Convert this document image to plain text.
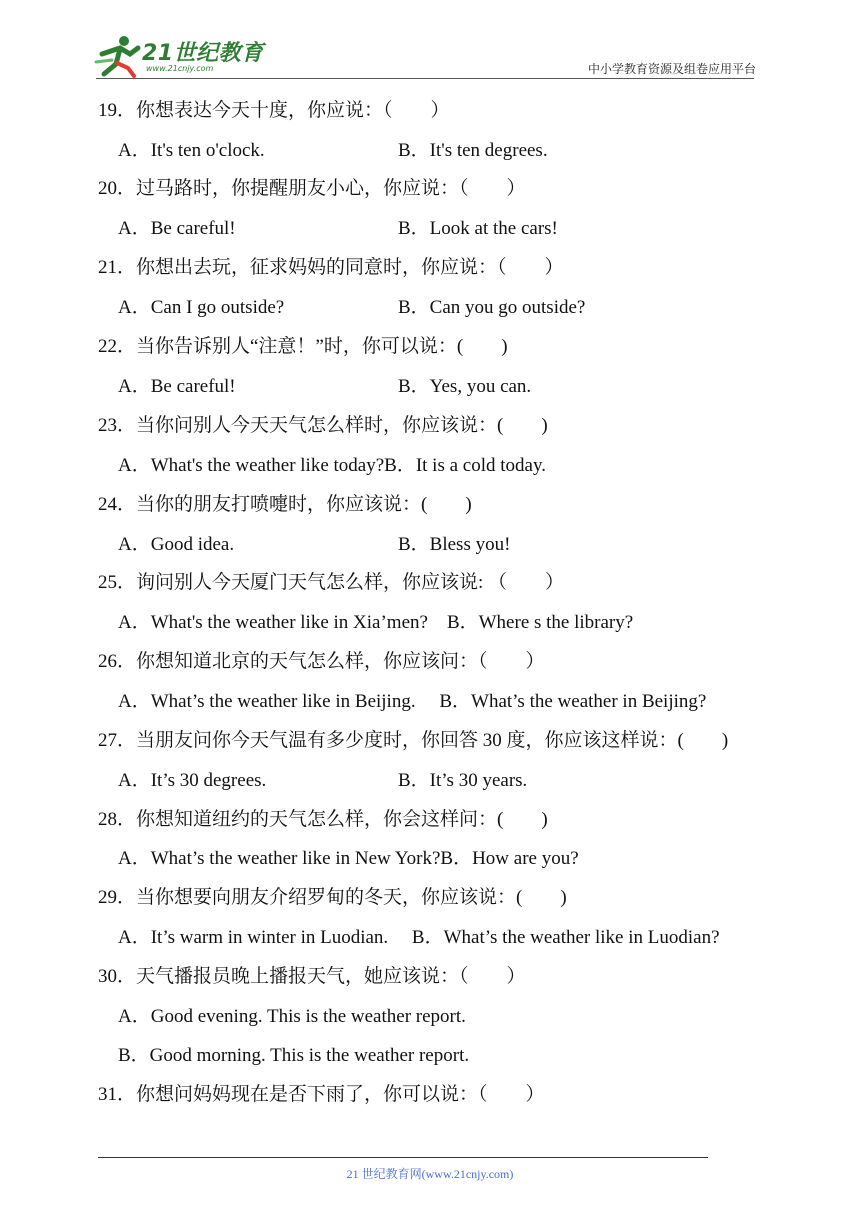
21世纪教育
www.21cnjy.com	中小学教育资源及组卷应用平台
19．你想表达今天十度，你应说：（　　）
A．It's ten o'clock.	B．It's ten degrees.
20．过马路时，你提醒朋友小心，你应说：（　　）
A．Be careful!	B．Look at the cars!
21．你想出去玩，征求妈妈的同意时，你应说：（　　）
A．Can I go outside?	B．Can you go outside?
22．当你告诉别人“注意！”时，你可以说：(　　)
A．Be careful!	B．Yes, you can.
23．当你问别人今天天气怎么样时，你应该说：(　　)
A．What's the weather like today?B．It is a cold today.
24．当你的朋友打喷嚏时，你应该说：(　　)
A．Good idea.	B．Bless you!
25．询问别人今天厦门天气怎么样，你应该说: （　　）
A．What's the weather like in Xia’men?　B．Where s the library?
26．你想知道北京的天气怎么样，你应该问：（　　）
A．What’s the weather like in Beijing.　 B．What’s the weather in Beijing?
27．当朋友问你今天气温有多少度时，你回答 30 度，你应该这样说：(　　)
A．It’s 30 degrees.	B．It’s 30 years.
28．你想知道纽约的天气怎么样，你会这样问：(　　)
A．What’s the weather like in New York?B．How are you?
29．当你想要向朋友介绍罗甸的冬天，你应该说：(　　)
A．It’s warm in winter in Luodian.　 B．What’s the weather like in Luodian?
30．天气播报员晚上播报天气，她应该说：（　　）
A．Good evening. This is the weather report.
B．Good morning. This is the weather report.
31．你想问妈妈现在是否下雨了，你可以说：（　　）
21 世纪教育网(www.21cnjy.com)
